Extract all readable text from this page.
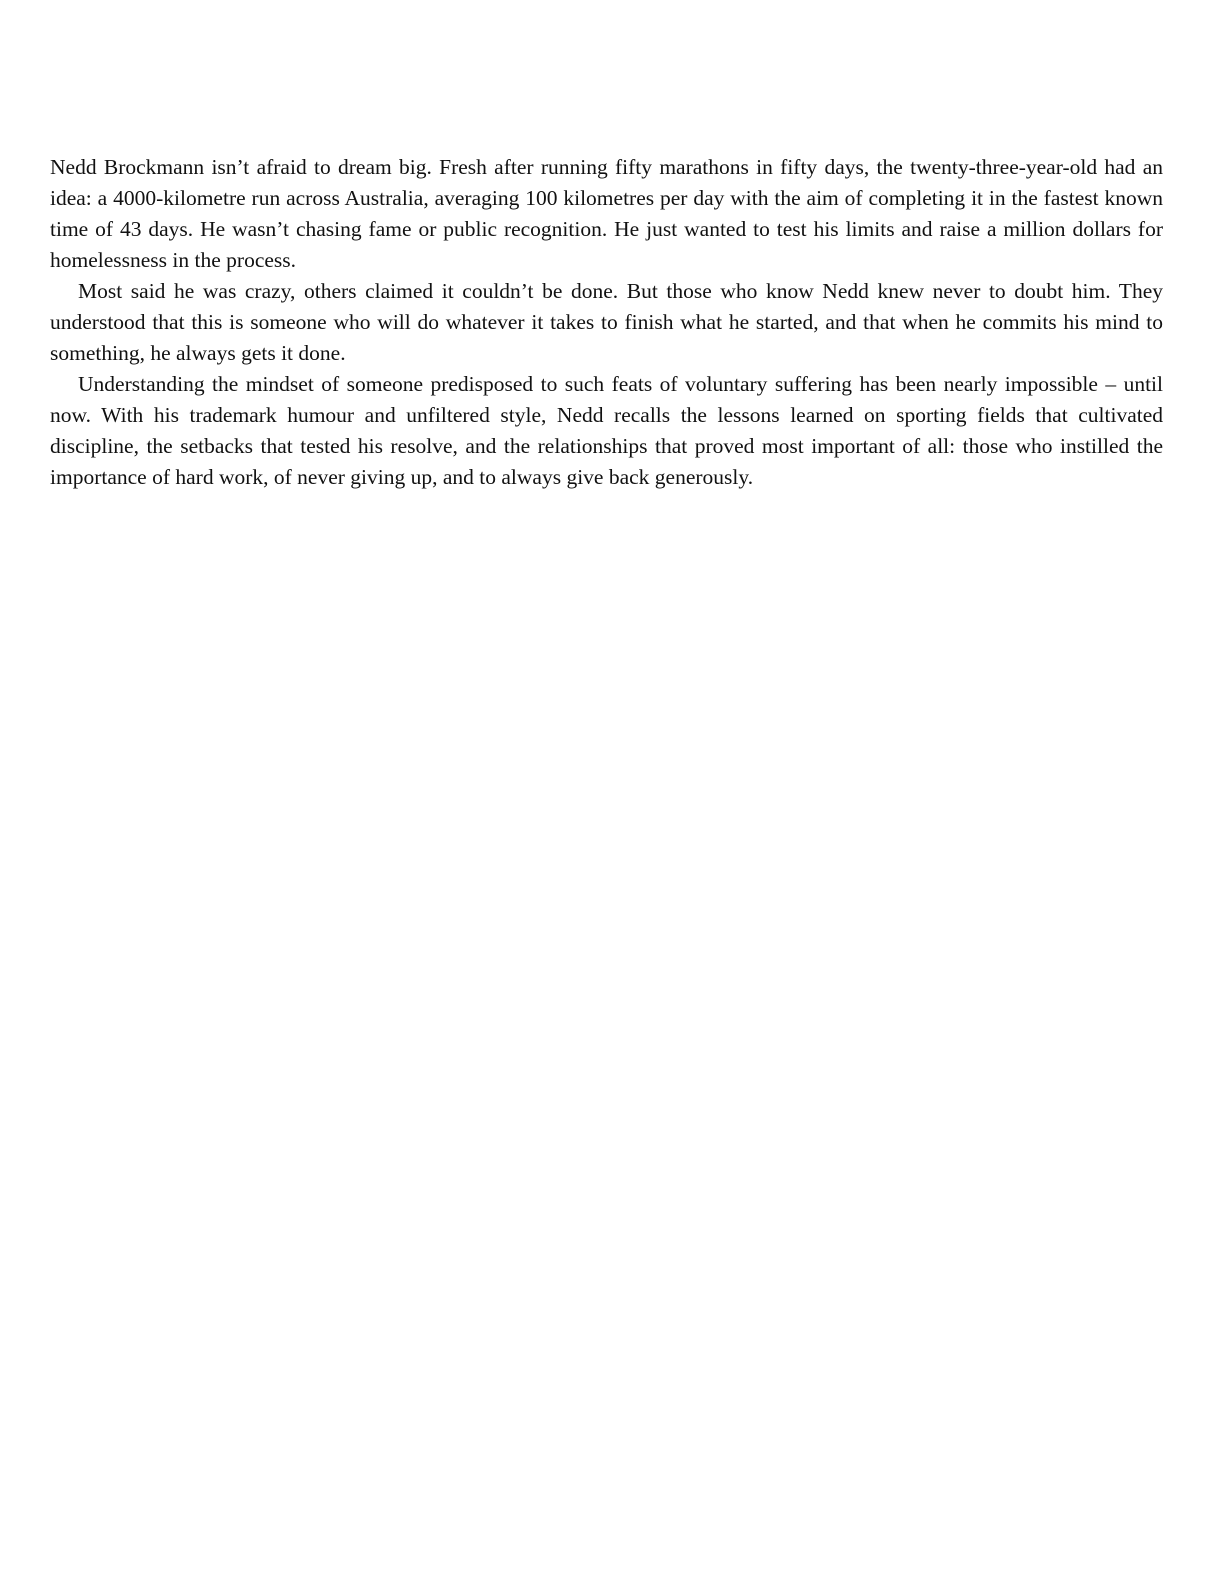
Nedd Brockmann isn’t afraid to dream big. Fresh after running fifty marathons in fifty days, the twenty-three-year-old had an idea: a 4000-kilometre run across Australia, averaging 100 kilometres per day with the aim of completing it in the fastest known time of 43 days. He wasn’t chasing fame or public recognition. He just wanted to test his limits and raise a million dollars for homelessness in the process.

Most said he was crazy, others claimed it couldn’t be done. But those who know Nedd knew never to doubt him. They understood that this is someone who will do whatever it takes to finish what he started, and that when he commits his mind to something, he always gets it done.

Understanding the mindset of someone predisposed to such feats of voluntary suffering has been nearly impossible – until now. With his trademark humour and unfiltered style, Nedd recalls the lessons learned on sporting fields that cultivated discipline, the setbacks that tested his resolve, and the relationships that proved most important of all: those who instilled the importance of hard work, of never giving up, and to always give back generously.
